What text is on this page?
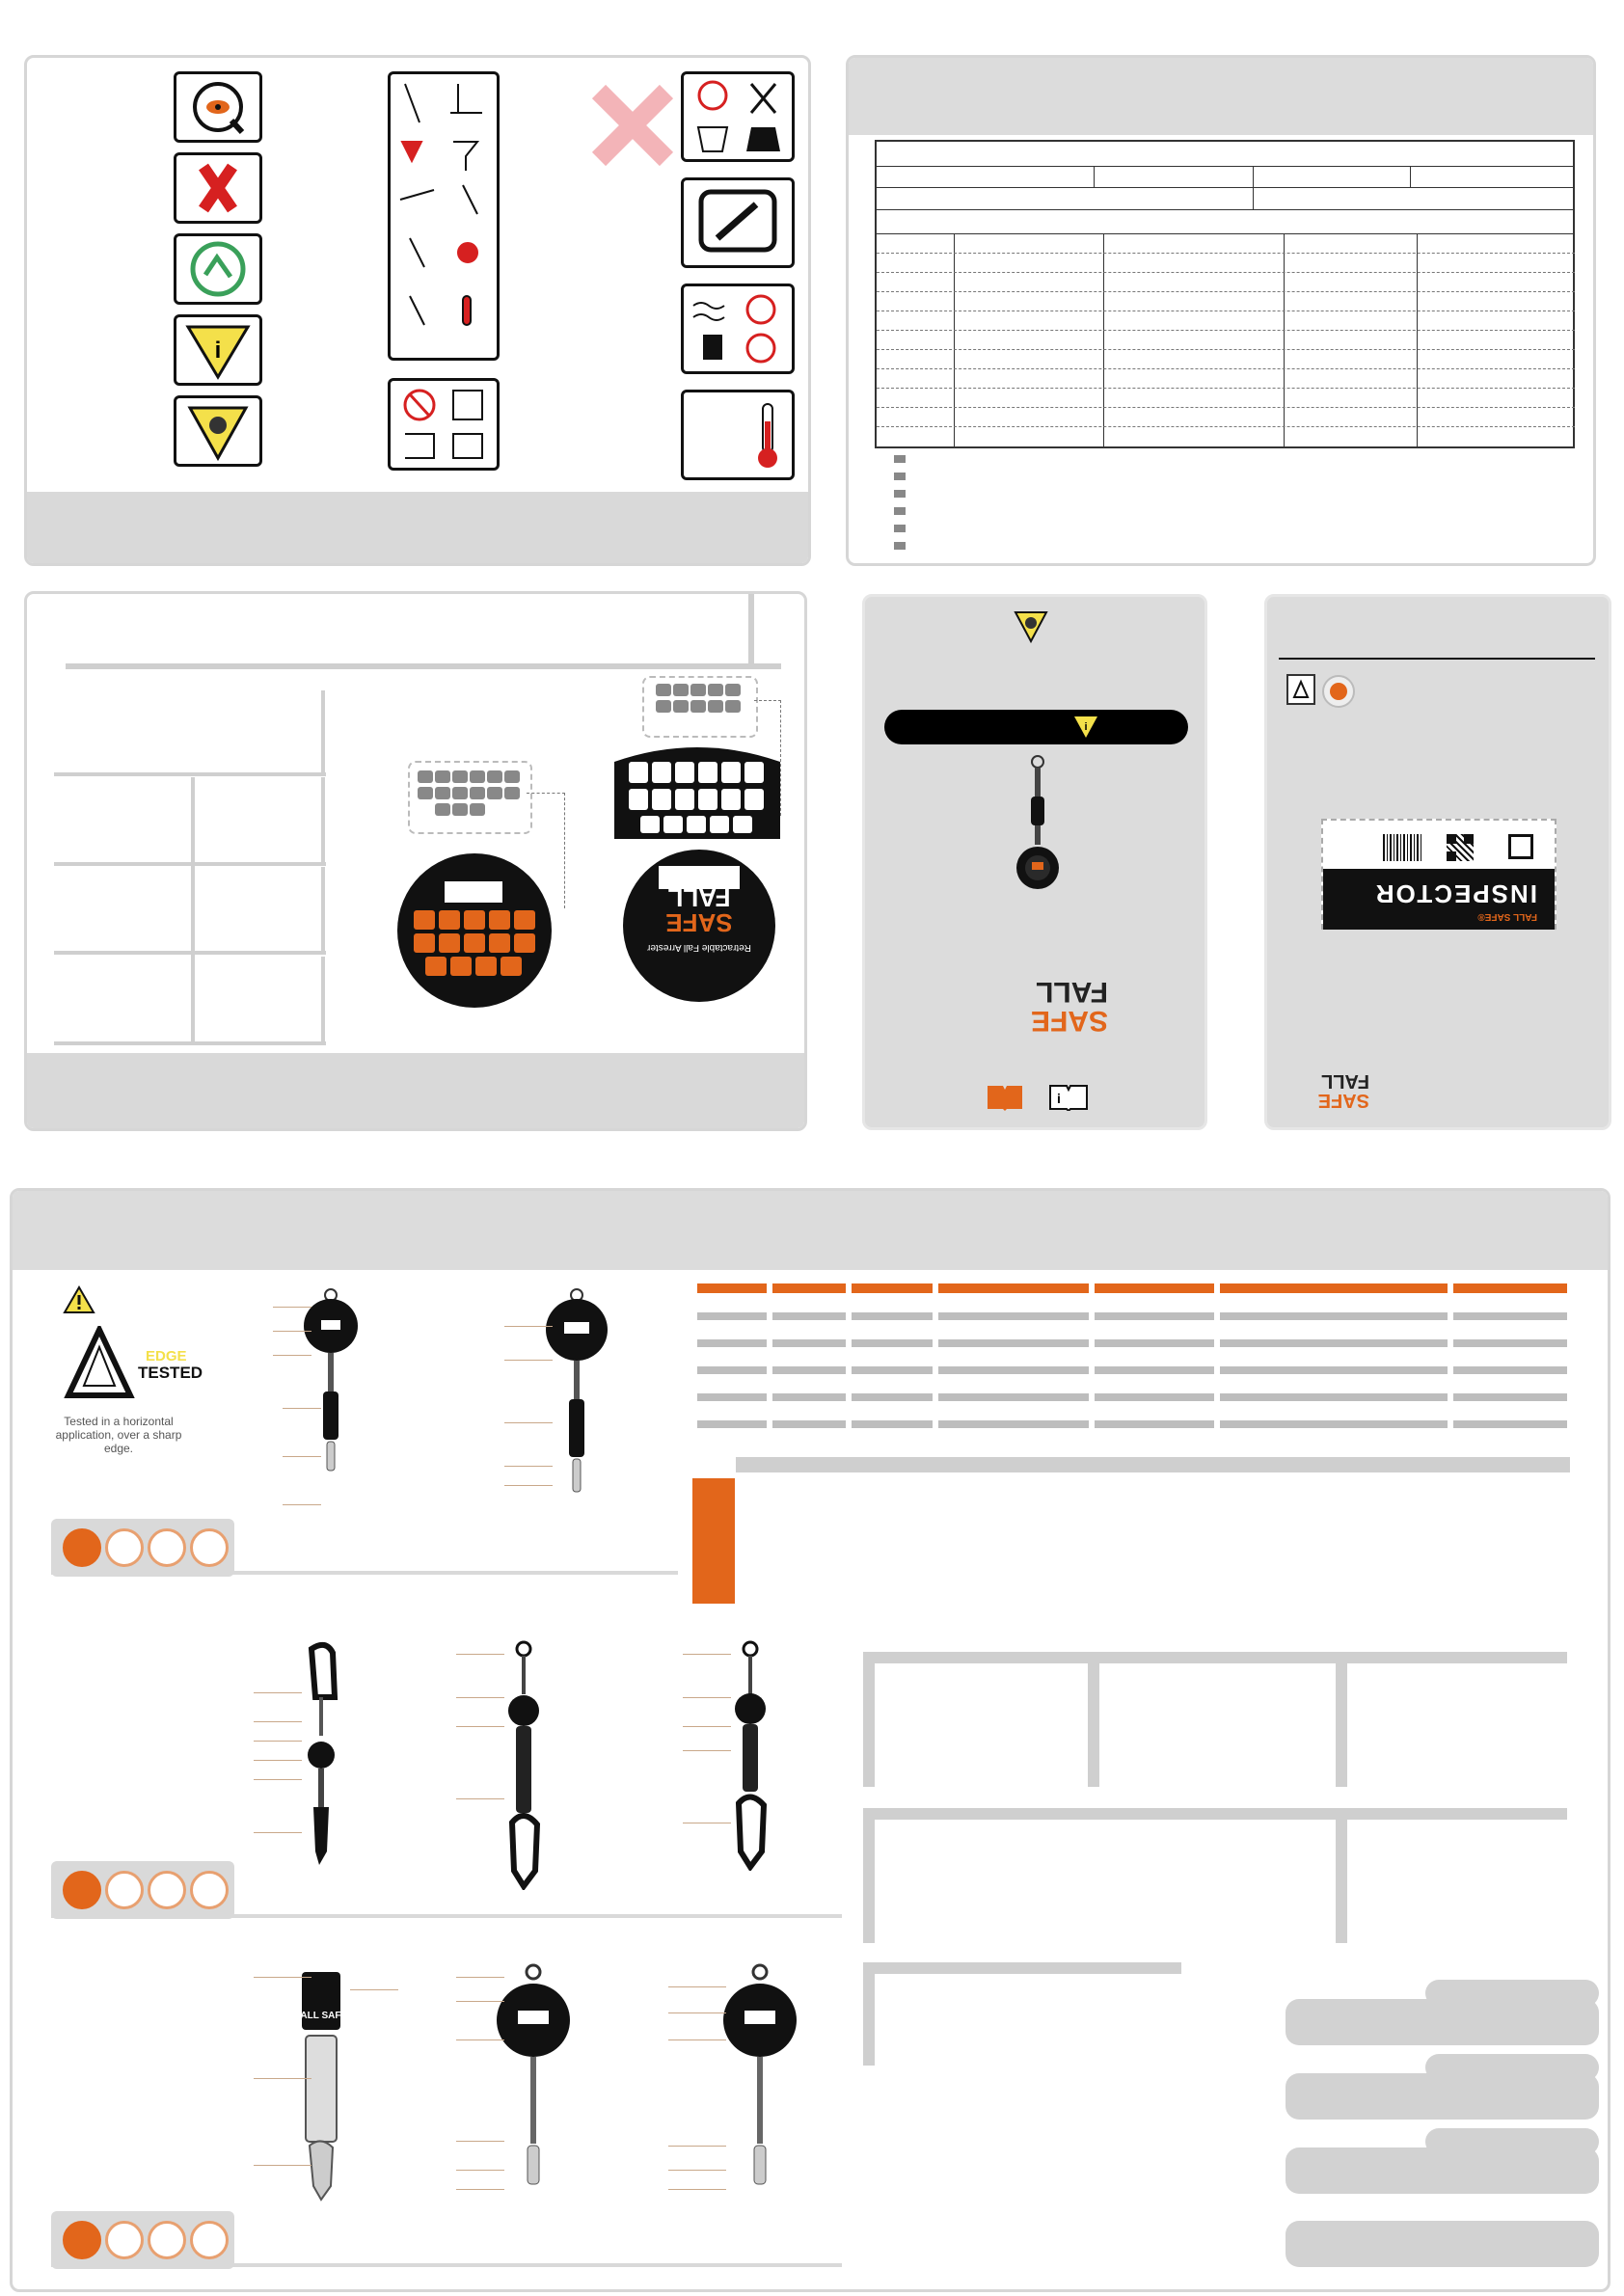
i
Retractable Fall Arrester
SAFE
FALL
i
SAFE
FALL
i
FALL SAFE®
INSPECTOR
SAFE
FALL
EDGE
TESTED
Tested in a horizontal application, over a sharp edge.
FALL SAFE™
